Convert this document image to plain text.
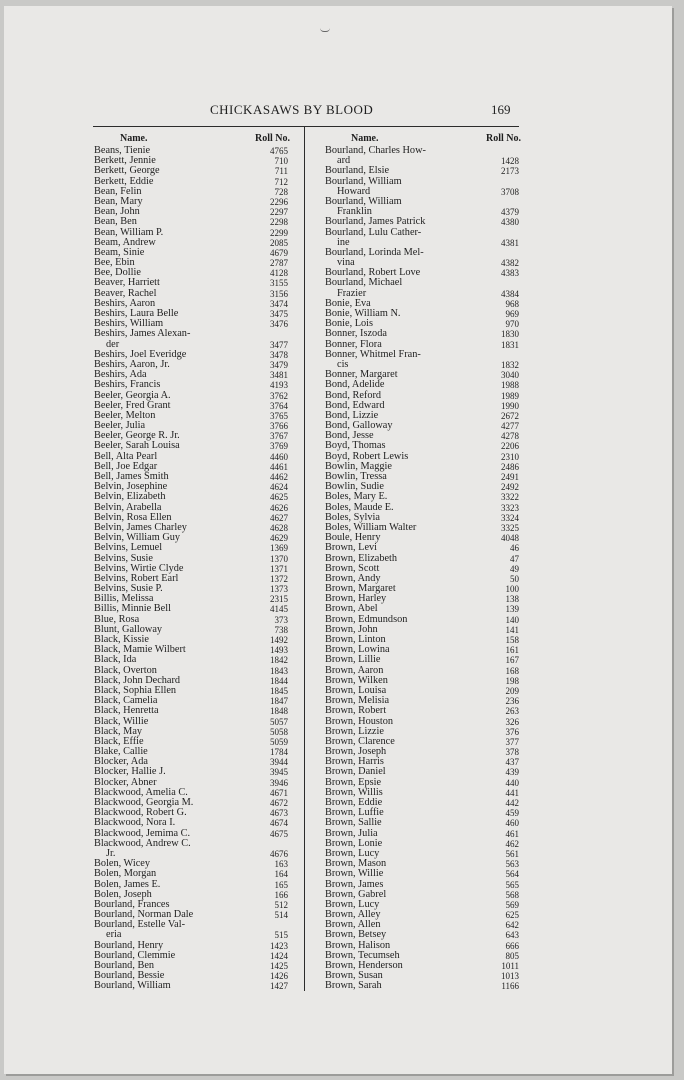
CHICKASAWS BY BLOOD	169
Name.	Roll No.
Beans, Tienie	4765
Berkett, Jennie	710
Berkett, George	711
Berkett, Eddie	712
Bean, Felin	728
Bean, Mary	2296
Bean, John	2297
Bean, Ben	2298
Bean, William P.	2299
Beam, Andrew	2085
Beam, Sinie	4679
Bee, Ebin	2787
Bee, Dollie	4128
Beaver, Harriett	3155
Beaver, Rachel	3156
Beshirs, Aaron	3474
Beshirs, Laura Belle	3475
Beshirs, William	3476
Beshirs, James Alexan-
der	3477
Beshirs, Joel Everidge	3478
Beshirs, Aaron, Jr.	3479
Beshirs, Ada	3481
Beshirs, Francis	4193
Beeler, Georgia A.	3762
Beeler, Fred Grant	3764
Beeler, Melton	3765
Beeler, Julia	3766
Beeler, George R. Jr.	3767
Beeler, Sarah Louisa	3769
Bell, Alta Pearl	4460
Bell, Joe Edgar	4461
Bell, James Smith	4462
Belvin, Josephine	4624
Belvin, Elizabeth	4625
Belvin, Arabella	4626
Belvin, Rosa Ellen	4627
Belvin, James Charley	4628
Belvin, William Guy	4629
Belvins, Lemuel	1369
Belvins, Susie	1370
Belvins, Wirtie Clyde	1371
Belvins, Robert Earl	1372
Belvins, Susie P.	1373
Billis, Melissa	2315
Billis, Minnie Bell	4145
Blue, Rosa	373
Blunt, Galloway	738
Black, Kissie	1492
Black, Mamie Wilbert	1493
Black, Ida	1842
Black, Overton	1843
Black, John Dechard	1844
Black, Sophia Ellen	1845
Black, Camelia	1847
Black, Henretta	1848
Black, Willie	5057
Black, May	5058
Black, Effie	5059
Blake, Callie	1784
Blocker, Ada	3944
Blocker, Hallie J.	3945
Blocker, Abner	3946
Blackwood, Amelia C.	4671
Blackwood, Georgia M.	4672
Blackwood, Robert G.	4673
Blackwood, Nora I.	4674
Blackwood, Jemima C.	4675
Blackwood, Andrew C.
Jr.	4676
Bolen, Wicey	163
Bolen, Morgan	164
Bolen, James E.	165
Bolen, Joseph	166
Bourland, Frances	512
Bourland, Norman Dale	514
Bourland, Estelle Val-
eria	515
Bourland, Henry	1423
Bourland, Clemmie	1424
Bourland, Ben	1425
Bourland, Bessie	1426
Bourland, William	1427
Name.	Roll No.
Bourland, Charles How-
ard	1428
Bourland, Elsie	2173
Bourland, William
Howard	3708
Bourland, William
Franklin	4379
Bourland, James Patrick	4380
Bourland, Lulu Cather-
ine	4381
Bourland, Lorinda Mel-
vina	4382
Bourland, Robert Love	4383
Bourland, Michael
Frazier	4384
Bonie, Eva	968
Bonie, William N.	969
Bonie, Lois	970
Bonner, Iszoda	1830
Bonner, Flora	1831
Bonner, Whitmel Fran-
cis	1832
Bonner, Margaret	3040
Bond, Adelide	1988
Bond, Reford	1989
Bond, Edward	1990
Bond, Lizzie	2672
Bond, Galloway	4277
Bond, Jesse	4278
Boyd, Thomas	2206
Boyd, Robert Lewis	2310
Bowlin, Maggie	2486
Bowlin, Tressa	2491
Bowlin, Sudie	2492
Boles, Mary E.	3322
Boles, Maude E.	3323
Boles, Sylvia	3324
Boles, William Walter	3325
Boule, Henry	4048
Brown, Levi	46
Brown, Elizabeth	47
Brown, Scott	49
Brown, Andy	50
Brown, Margaret	100
Brown, Harley	138
Brown, Abel	139
Brown, Edmundson	140
Brown, John	141
Brown, Linton	158
Brown, Lowina	161
Brown, Lillie	167
Brown, Aaron	168
Brown, Wilken	198
Brown, Louisa	209
Brown, Melisia	236
Brown, Robert	263
Brown, Houston	326
Brown, Lizzie	376
Brown, Clarence	377
Brown, Joseph	378
Brown, Harris	437
Brown, Daniel	439
Brown, Epsie	440
Brown, Willis	441
Brown, Eddie	442
Brown, Luffie	459
Brown, Sallie	460
Brown, Julia	461
Brown, Lonie	462
Brown, Lucy	561
Brown, Mason	563
Brown, Willie	564
Brown, James	565
Brown, Gabrel	568
Brown, Lucy	569
Brown, Alley	625
Brown, Allen	642
Brown, Betsey	643
Brown, Halison	666
Brown, Tecumseh	805
Brown, Henderson	1011
Brown, Susan	1013
Brown, Sarah	1166
